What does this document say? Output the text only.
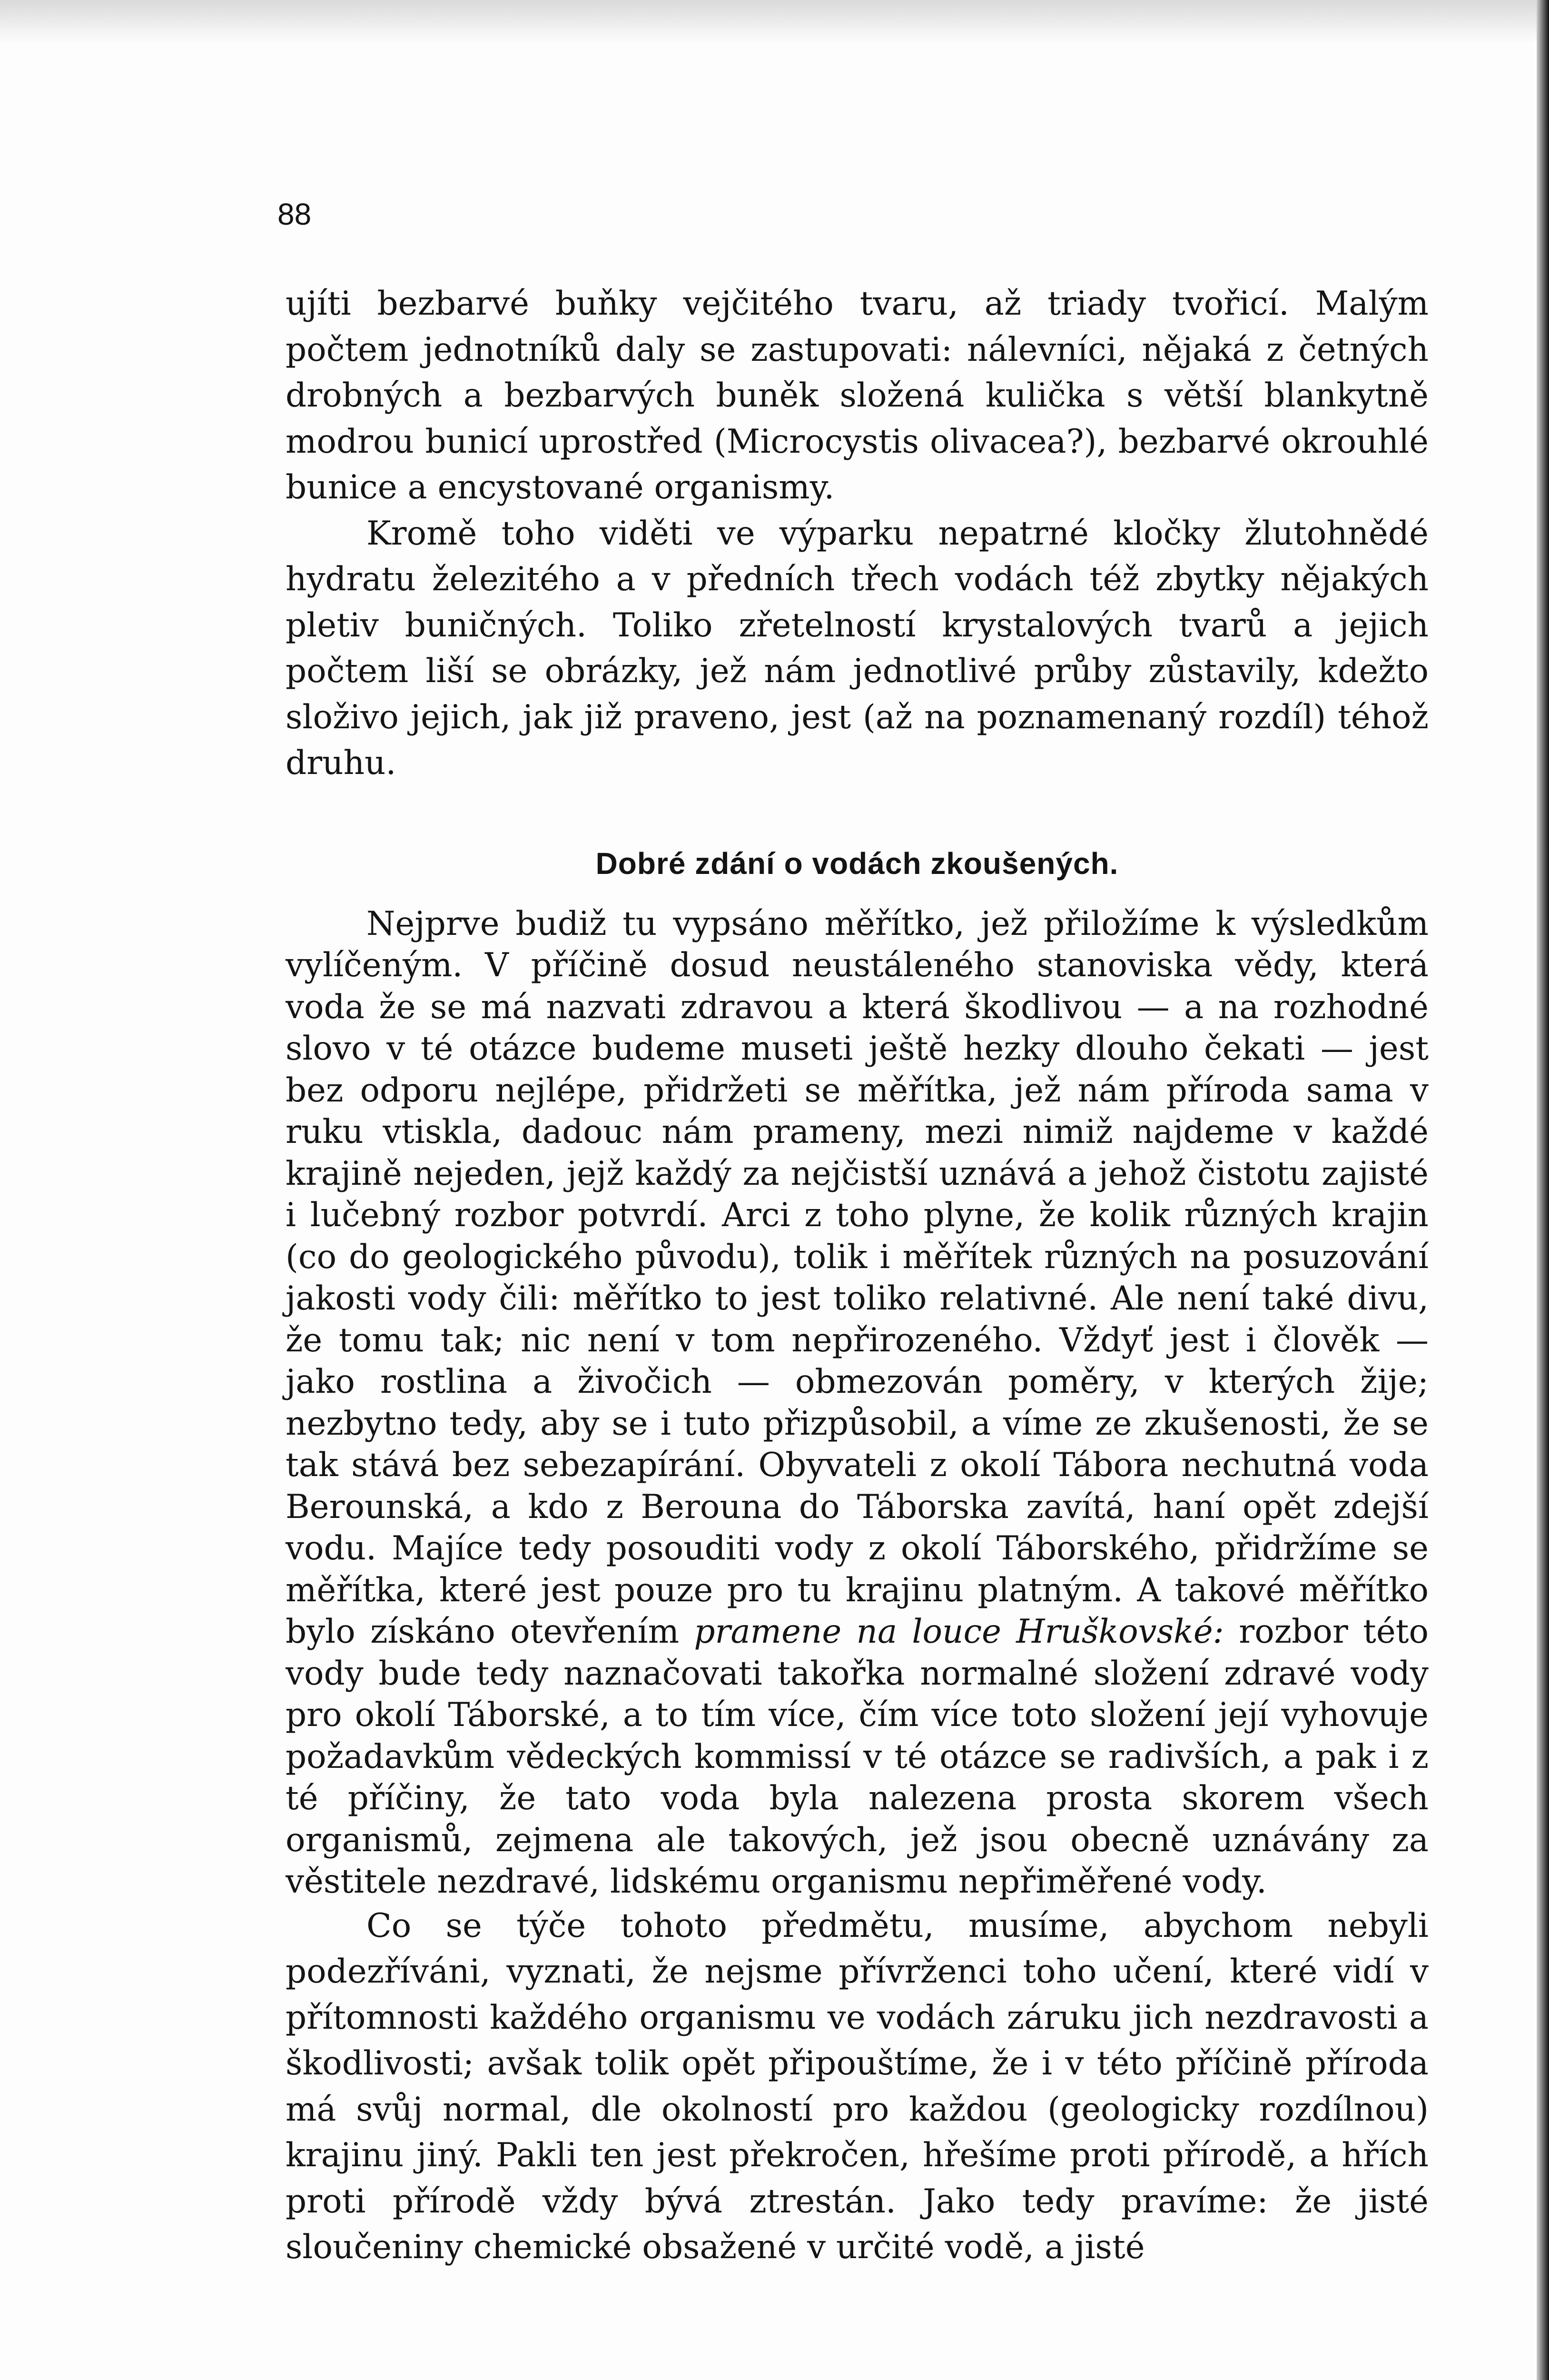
88

ujíti bezbarvé buňky vejčitého tvaru, až triady tvořicí. Malým počtem jednotníků daly se zastupovati: nálevníci, nějaká z četných drobných a bezbarvých buněk složená kulička s větší blankytně modrou bunicí uprostřed (Microcystis olivacea?), bezbarvé okrouhlé bunice a encystované organismy.

Kromě toho viděti ve výparku nepatrné kločky žlutohnědé hydratu železitého a v předních třech vodách též zbytky nějakých pletiv buničných. Toliko zřetelností krystalových tvarů a jejich počtem liší se obrázky, jež nám jednotlivé průby zůstavily, kdežto složivo jejich, jak již praveno, jest (až na poznamenaný rozdíl) téhož druhu.

Dobré zdání o vodách zkoušených.

Nejprve budiž tu vypsáno měřítko, jež přiložíme k výsledkům vylíčeným. V příčině dosud neustáleného stanoviska vědy, která voda že se má nazvati zdravou a která škodlivou — a na rozhodné slovo v té otázce budeme museti ještě hezky dlouho čekati — jest bez odporu nejlépe, přidržeti se měřítka, jež nám příroda sama v ruku vtiskla, dadouc nám prameny, mezi nimiž najdeme v každé krajině nejeden, jejž každý za nejčistší uznává a jehož čistotu zajisté i lučebný rozbor potvrdí. Arci z toho plyne, že kolik různých krajin (co do geologického původu), tolik i měřítek různých na posuzování jakosti vody čili: měřítko to jest toliko relativné. Ale není také divu, že tomu tak; nic není v tom nepřirozeného. Vždyť jest i člověk — jako rostlina a živočich — obmezován poměry, v kterých žije; nezbytno tedy, aby se i tuto přizpůsobil, a víme ze zkušenosti, že se tak stává bez sebezapírání. Obyvateli z okolí Tábora nechutná voda Berounská, a kdo z Berouna do Táborska zavítá, haní opět zdejší vodu. Majíce tedy posouditi vody z okolí Táborského, přidržíme se měřítka, které jest pouze pro tu krajinu platným. A takové měřítko bylo získáno otevřením pramene na louce Hruškovské: rozbor této vody bude tedy naznačovati takořka normalné složení zdravé vody pro okolí Táborské, a to tím více, čím více toto složení její vyhovuje požadavkům vědeckých kommissí v té otázce se radivších, a pak i z té příčiny, že tato voda byla nalezena prosta skorem všech organismů, zejmena ale takových, jež jsou obecně uznávány za věstitele nezdravé, lidskému organismu nepřiměřené vody.

Co se týče tohoto předmětu, musíme, abychom nebyli podezříváni, vyznati, že nejsme přívrženci toho učení, které vidí v přítomnosti každého organismu ve vodách záruku jich nezdravosti a škodlivosti; avšak tolik opět připouštíme, že i v této příčině příroda má svůj normal, dle okolností pro každou (geologicky rozdílnou) krajinu jiný. Pakli ten jest překročen, hřešíme proti přírodě, a hřích proti přírodě vždy bývá ztrestán. Jako tedy pravíme: že jisté sloučeniny chemické obsažené v určité vodě, a jisté
